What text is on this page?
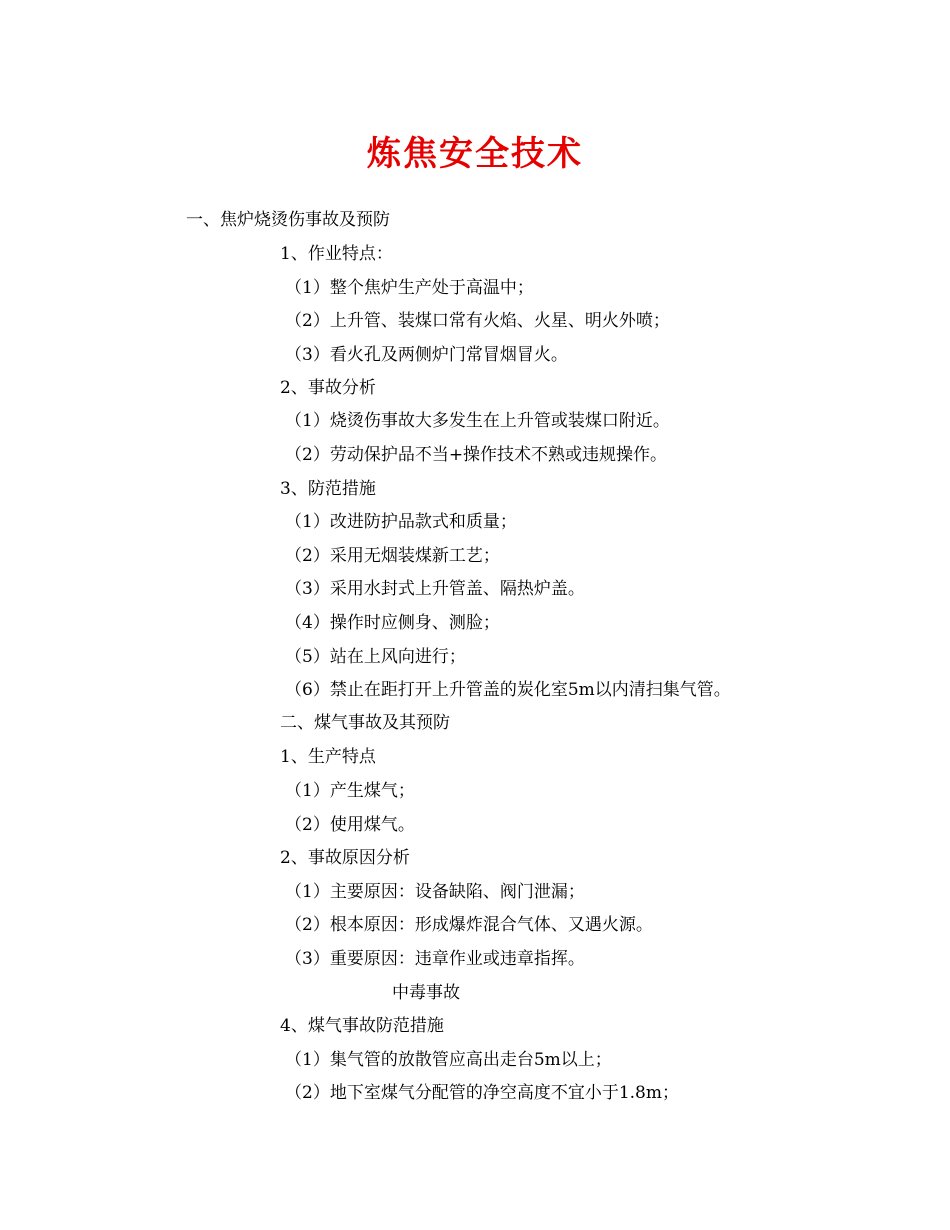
炼焦安全技术

一、焦炉烧烫伤事故及预防

1、作业特点：

（1）整个焦炉生产处于高温中；

（2）上升管、装煤口常有火焰、火星、明火外喷；

（3）看火孔及两侧炉门常冒烟冒火。

2、事故分析

（1）烧烫伤事故大多发生在上升管或装煤口附近。

（2）劳动保护品不当+操作技术不熟或违规操作。

3、防范措施

（1）改进防护品款式和质量；

（2）采用无烟装煤新工艺；

（3）采用水封式上升管盖、隔热炉盖。

（4）操作时应侧身、测脸；

（5）站在上风向进行；

（6）禁止在距打开上升管盖的炭化室5m以内清扫集气管。

二、煤气事故及其预防

1、生产特点

（1）产生煤气；

（2）使用煤气。

2、事故原因分析

（1）主要原因：设备缺陷、阀门泄漏；

（2）根本原因：形成爆炸混合气体、又遇火源。

（3）重要原因：违章作业或违章指挥。

中毒事故

4、煤气事故防范措施

（1）集气管的放散管应高出走台5m以上；

（2）地下室煤气分配管的净空高度不宜小于1.8m；
